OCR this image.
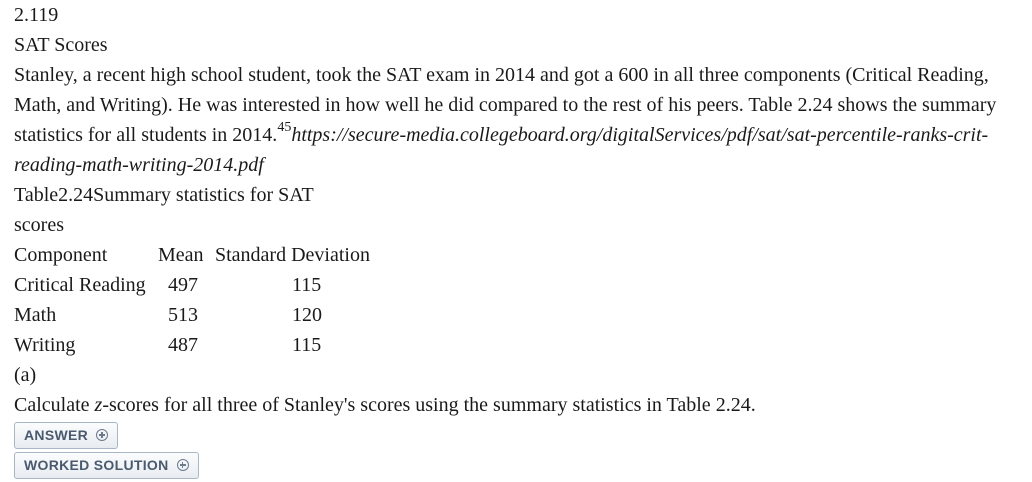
2.119
SAT Scores
Stanley, a recent high school student, took the SAT exam in 2014 and got a 600 in all three components (Critical Reading, Math, and Writing). He was interested in how well he did compared to the rest of his peers. Table 2.24 shows the summary statistics for all students in 2014.45https://secure-media.collegeboard.org/digitalServices/pdf/sat/sat-percentile-ranks-crit-reading-math-writing-2014.pdf
Table2.24Summary statistics for SAT
scores
Component	Mean	Standard Deviation
Critical Reading	497	115
Math	513	120
Writing	487	115
(a)
Calculate z-scores for all three of Stanley's scores using the summary statistics in Table 2.24.
ANSWER
WORKED SOLUTION
